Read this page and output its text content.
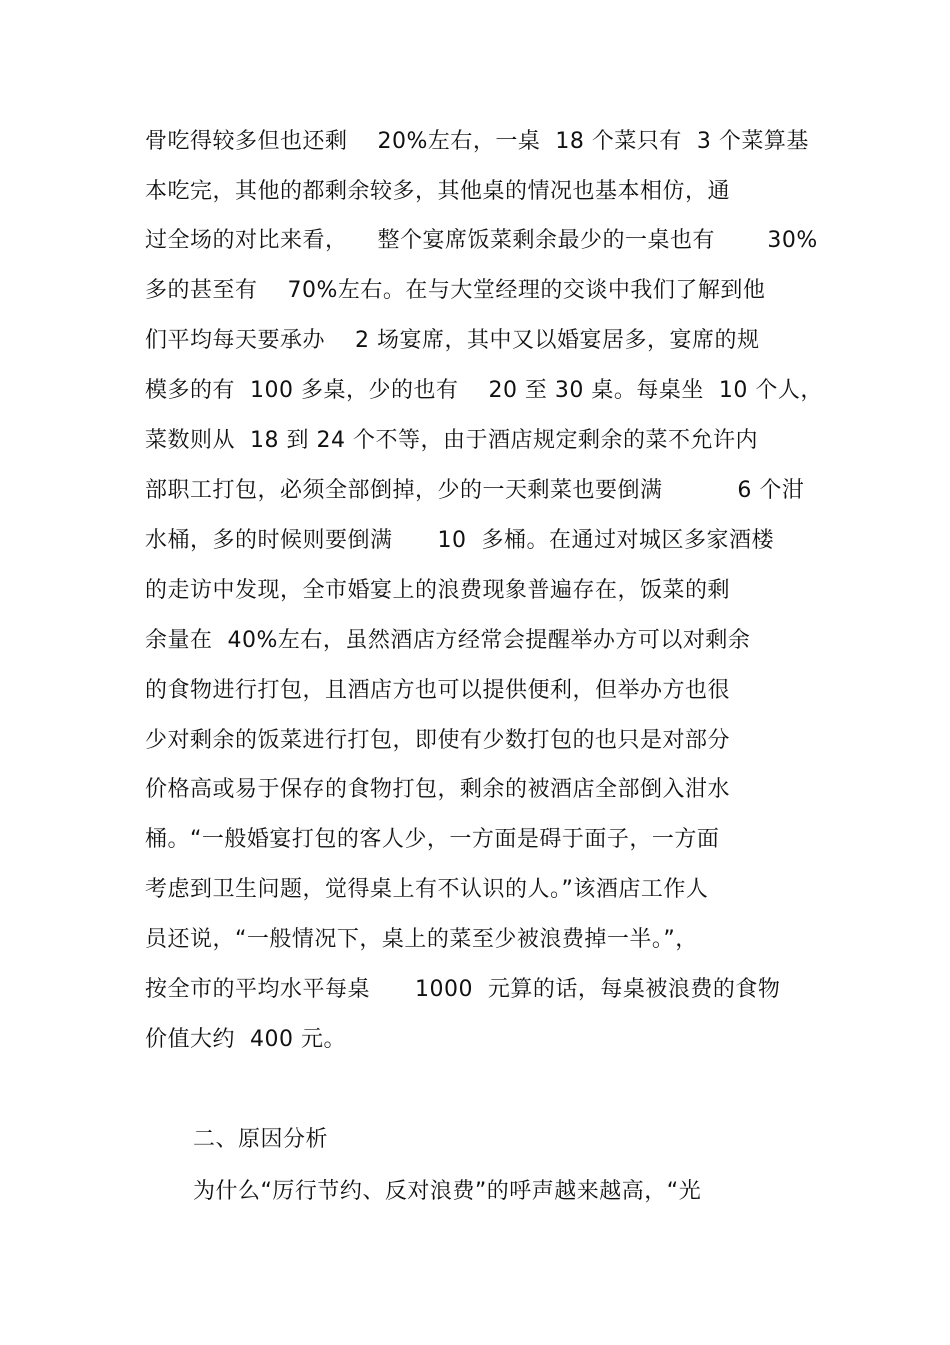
骨吃得较多但也还剩    20%左右，一桌  18 个菜只有  3 个菜算基
本吃完，其他的都剩余较多，其他桌的情况也基本相仿，通
过全场的对比来看，    整个宴席饭菜剩余最少的一桌也有       30%
多的甚至有    70%左右。在与大堂经理的交谈中我们了解到他
们平均每天要承办    2 场宴席，其中又以婚宴居多，宴席的规
模多的有  100 多桌，少的也有    20 至 30 桌。每桌坐  10 个人，
菜数则从  18 到 24 个不等，由于酒店规定剩余的菜不允许内
部职工打包，必须全部倒掉，少的一天剩菜也要倒满          6 个泔
水桶，多的时候则要倒满      10  多桶。在通过对城区多家酒楼
的走访中发现，全市婚宴上的浪费现象普遍存在，饭菜的剩
余量在  40%左右，虽然酒店方经常会提醒举办方可以对剩余
的食物进行打包，且酒店方也可以提供便利，但举办方也很
少对剩余的饭菜进行打包，即使有少数打包的也只是对部分
价格高或易于保存的食物打包，剩余的被酒店全部倒入泔水
桶。“一般婚宴打包的客人少，一方面是碍于面子，一方面
考虑到卫生问题，觉得桌上有不认识的人。”该酒店工作人
员还说，“一般情况下，桌上的菜至少被浪费掉一半。”，
按全市的平均水平每桌      1000  元算的话，每桌被浪费的食物
价值大约  400 元。
二、原因分析
为什么“厉行节约、反对浪费”的呼声越来越高，“光
